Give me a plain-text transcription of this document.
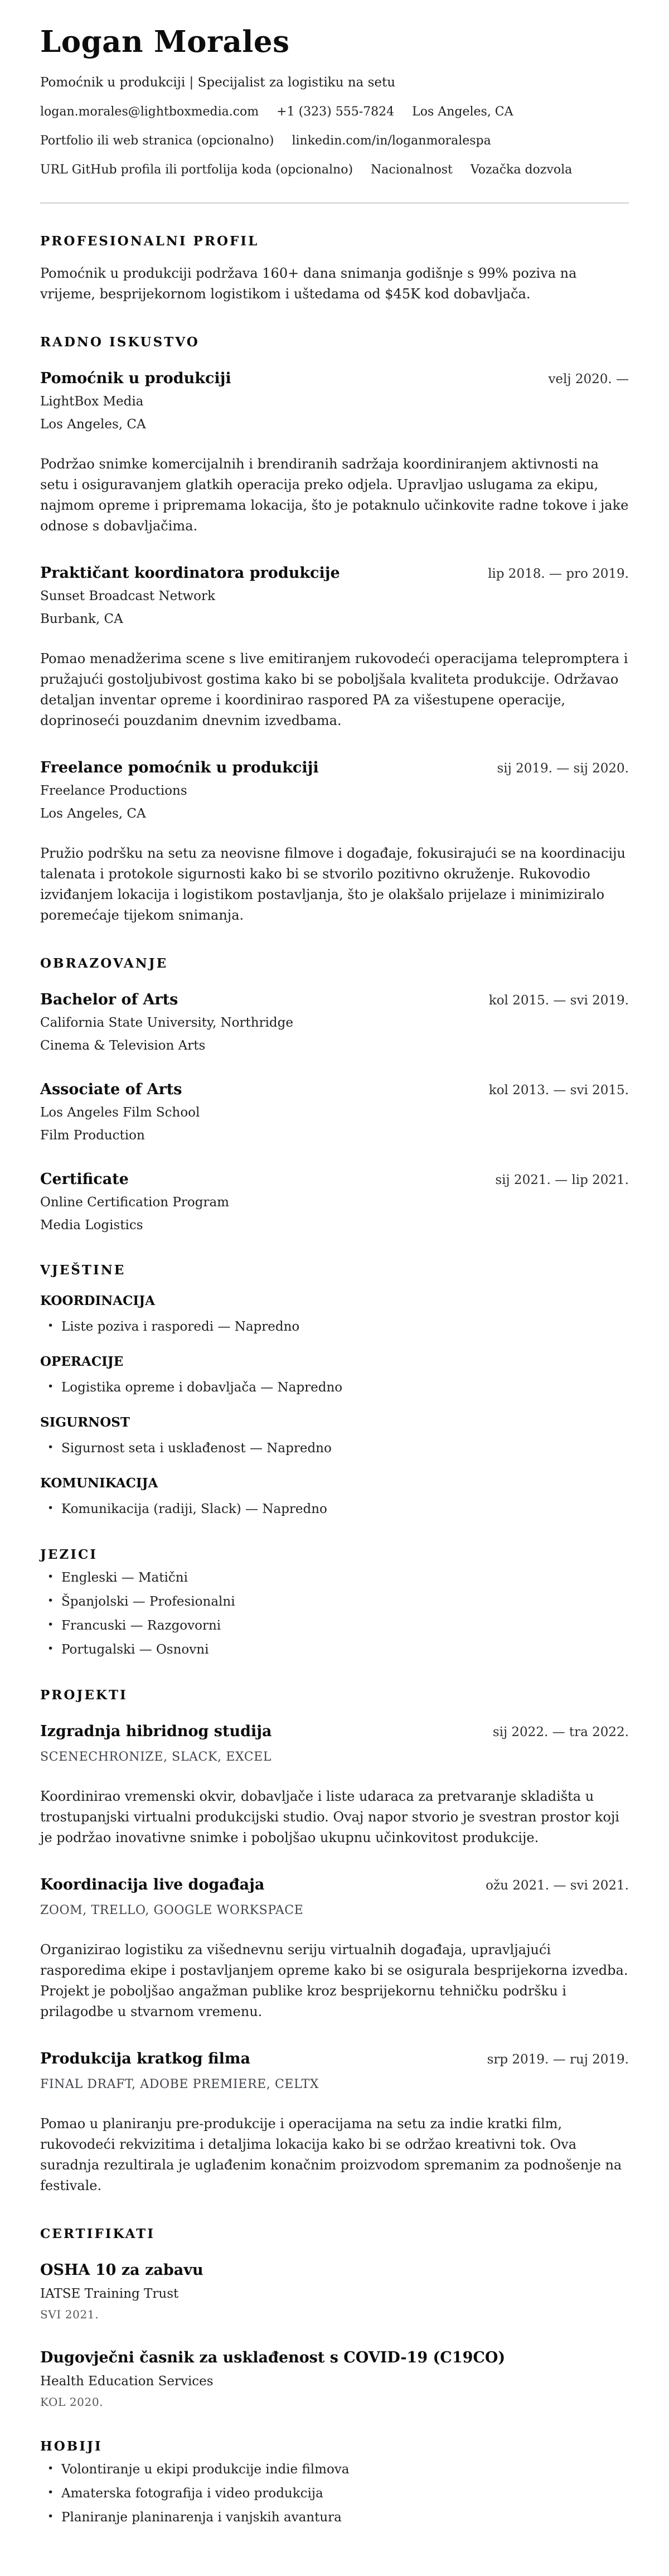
Logan Morales

Pomoćnik u produkciji | Specijalist za logistiku na setu

logan.morales@lightboxmedia.com +1 (323) 555-7824 Los Angeles, CA
Portfolio ili web stranica (opcionalno) linkedin.com/in/loganmoralespa
URL GitHub profila ili portfolija koda (opcionalno) Nacionalnost Vozačka dozvola
PROFESIONALNI PROFIL

Pomoćnik u produkciji podržava 160+ dana snimanja godišnje s 99% poziva na vrijeme, besprijekornom logistikom i uštedama od $45K kod dobavljača.

RADNO ISKUSTVO
Pomoćnik u produkciji	velj 2020. —
LightBox Media
Los Angeles, CA

Podržao snimke komercijalnih i brendiranih sadržaja koordiniranjem aktivnosti na setu i osiguravanjem glatkih operacija preko odjela. Upravljao uslugama za ekipu, najmom opreme i pripremama lokacija, što je potaknulo učinkovite radne tokove i jake odnose s dobavljačima.

Praktičant koordinatora produkcije	lip 2018. — pro 2019.
Sunset Broadcast Network
Burbank, CA

Pomao menadžerima scene s live emitiranjem rukovodeći operacijama telepromptera i pružajući gostoljubivost gostima kako bi se poboljšala kvaliteta produkcije. Održavao detaljan inventar opreme i koordinirao raspored PA za višestupene operacije, doprinoseći pouzdanim dnevnim izvedbama.

Freelance pomoćnik u produkciji	sij 2019. — sij 2020.
Freelance Productions
Los Angeles, CA

Pružio podršku na setu za neovisne filmove i događaje, fokusirajući se na koordinaciju talenata i protokole sigurnosti kako bi se stvorilo pozitivno okruženje. Rukovodio izviđanjem lokacija i logistikom postavljanja, što je olakšalo prijelaze i minimiziralo poremećaje tijekom snimanja.

OBRAZOVANJE
Bachelor of Arts	kol 2015. — svi 2019.
California State University, Northridge
Cinema & Television Arts
Associate of Arts	kol 2013. — svi 2015.
Los Angeles Film School
Film Production
Certificate	sij 2021. — lip 2021.
Online Certification Program
Media Logistics
VJEŠTINE
KOORDINACIJA
• Liste poziva i rasporedi — Napredno
OPERACIJE
• Logistika opreme i dobavljača — Napredno
SIGURNOST
• Sigurnost seta i usklađenost — Napredno
KOMUNIKACIJA
• Komunikacija (radiji, Slack) — Napredno
JEZICI
• Engleski — Matični
• Španjolski — Profesionalni
• Francuski — Razgovorni
• Portugalski — Osnovni
PROJEKTI
Izgradnja hibridnog studija	sij 2022. — tra 2022.
SCENECHRONIZE, SLACK, EXCEL

Koordinirao vremenski okvir, dobavljače i liste udaraca za pretvaranje skladišta u trostupanjski virtualni produkcijski studio. Ovaj napor stvorio je svestran prostor koji je podržao inovativne snimke i poboljšao ukupnu učinkovitost produkcije.

Koordinacija live događaja	ožu 2021. — svi 2021.
ZOOM, TRELLO, GOOGLE WORKSPACE

Organizirao logistiku za višednevnu seriju virtualnih događaja, upravljajući rasporedima ekipe i postavljanjem opreme kako bi se osigurala besprijekorna izvedba. Projekt je poboljšao angažman publike kroz besprijekornu tehničku podršku i prilagodbe u stvarnom vremenu.

Produkcija kratkog filma	srp 2019. — ruj 2019.
FINAL DRAFT, ADOBE PREMIERE, CELTX

Pomao u planiranju pre-produkcije i operacijama na setu za indie kratki film, rukovodeći rekvizitima i detaljima lokacija kako bi se održao kreativni tok. Ova suradnja rezultirala je uglađenim konačnim proizvodom spremanim za podnošenje na festivale.

CERTIFIKATI
OSHA 10 za zabavu
IATSE Training Trust
SVI 2021.
Dugovječni časnik za usklađenost s COVID-19 (C19CO)
Health Education Services
KOL 2020.
HOBIJI
• Volontiranje u ekipi produkcije indie filmova
• Amaterska fotografija i video produkcija
• Planiranje planinarenja i vanjskih avantura
